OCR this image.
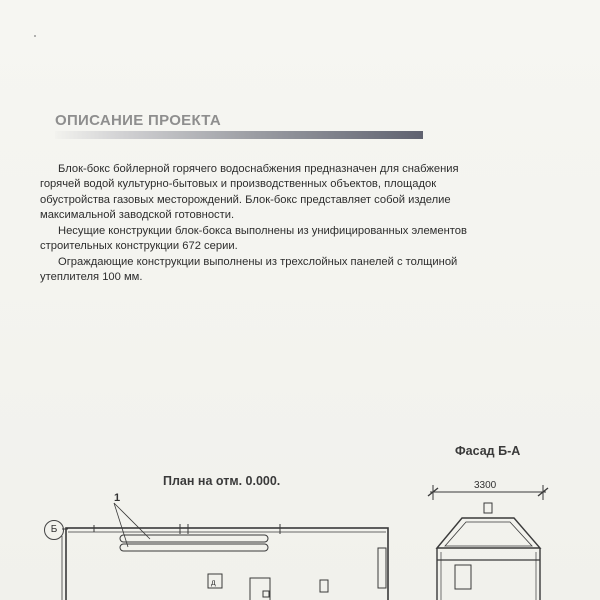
ОПИСАНИЕ ПРОЕКТА

Блок-бокс бойлерной горячего водоснабжения предназначен для снабжения
горячей водой культурно-бытовых и производственных объектов, площадок
обустройства газовых месторождений. Блок-бокс представляет собой изделие
максимальной заводской готовности.

Несущие конструкции блок-бокса выполнены из унифицированных элементов
строительных конструкции 672 серии.

Ограждающие конструкции выполнены из трехслойных панелей с толщиной
утеплителя 100 мм.

Фасад Б-А
План на отм. 0.000.	3300
1
Б
д
